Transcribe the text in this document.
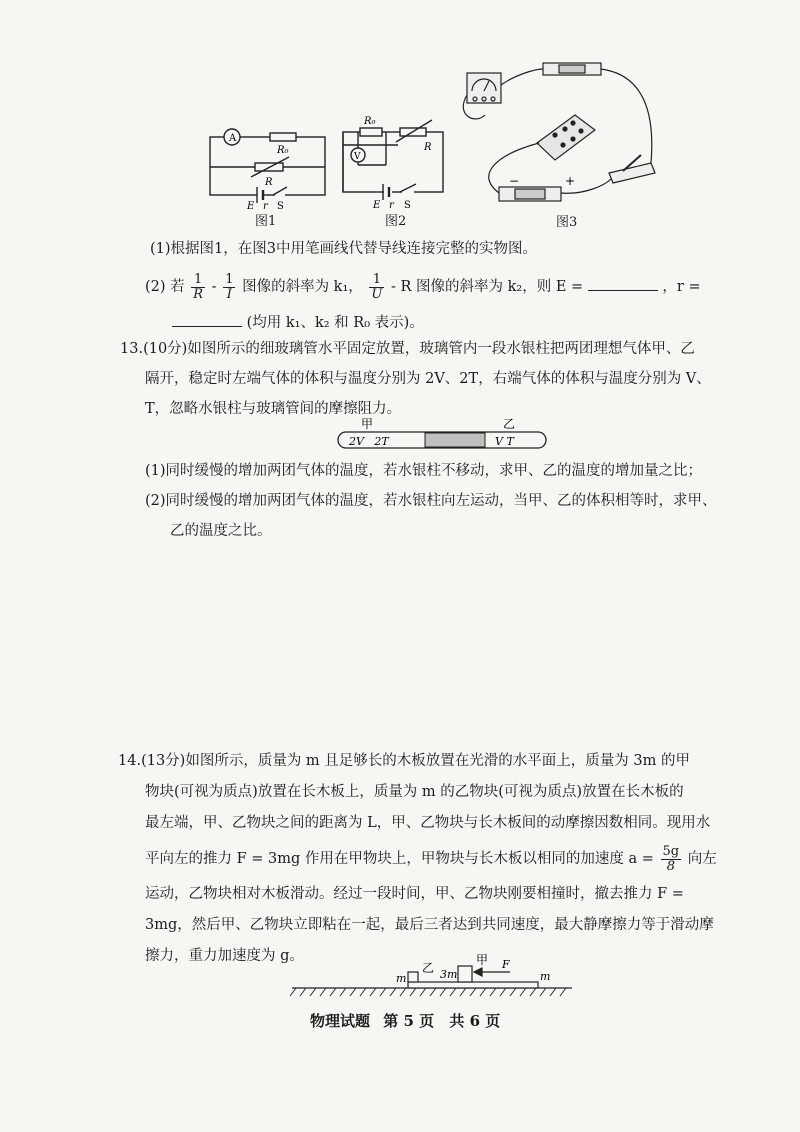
A
R₀
R
E r S
图1
V
R₀
R
E r S
图2
−	+
图3
(1)根据图1，在图3中用笔画线代替导线连接完整的实物图。
(2) 若 $\frac{1}{R} - \frac{1}{I}$ 图像的斜率为 k₁， $\frac{1}{U}$ - R 图像的斜率为 k₂，则 E =	，r =
(均用 k₁、k₂ 和 R₀ 表示)。
13.(10分)如图所示的细玻璃管水平固定放置，玻璃管内一段水银柱把两团理想气体甲、乙
隔开，稳定时左端气体的体积与温度分别为 2V、2T，右端气体的体积与温度分别为 V、
T，忽略水银柱与玻璃管间的摩擦阻力。
甲	乙
2V   2T	V T
(1)同时缓慢的增加两团气体的温度，若水银柱不移动，求甲、乙的温度的增加量之比；
(2)同时缓慢的增加两团气体的温度，若水银柱向左运动，当甲、乙的体积相等时，求甲、
乙的温度之比。
14.(13分)如图所示，质量为 m 且足够长的木板放置在光滑的水平面上，质量为 3m 的甲
物块(可视为质点)放置在长木板上，质量为 m 的乙物块(可视为质点)放置在长木板的
最左端，甲、乙物块之间的距离为 L，甲、乙物块与长木板间的动摩擦因数相同。现用水
平向左的推力 F = 3mg 作用在甲物块上，甲物块与长木板以相同的加速度 $a = \frac{5g}{8}$ 向左
运动，乙物块相对木板滑动。经过一段时间，甲、乙物块刚要相撞时，撤去推力 F =
3mg，然后甲、乙物块立即粘在一起，最后三者达到共同速度，最大静摩擦力等于滑动摩
擦力，重力加速度为 g。
m
乙 3m
甲 F
m
物理试题 第 5 页 共 6 页
